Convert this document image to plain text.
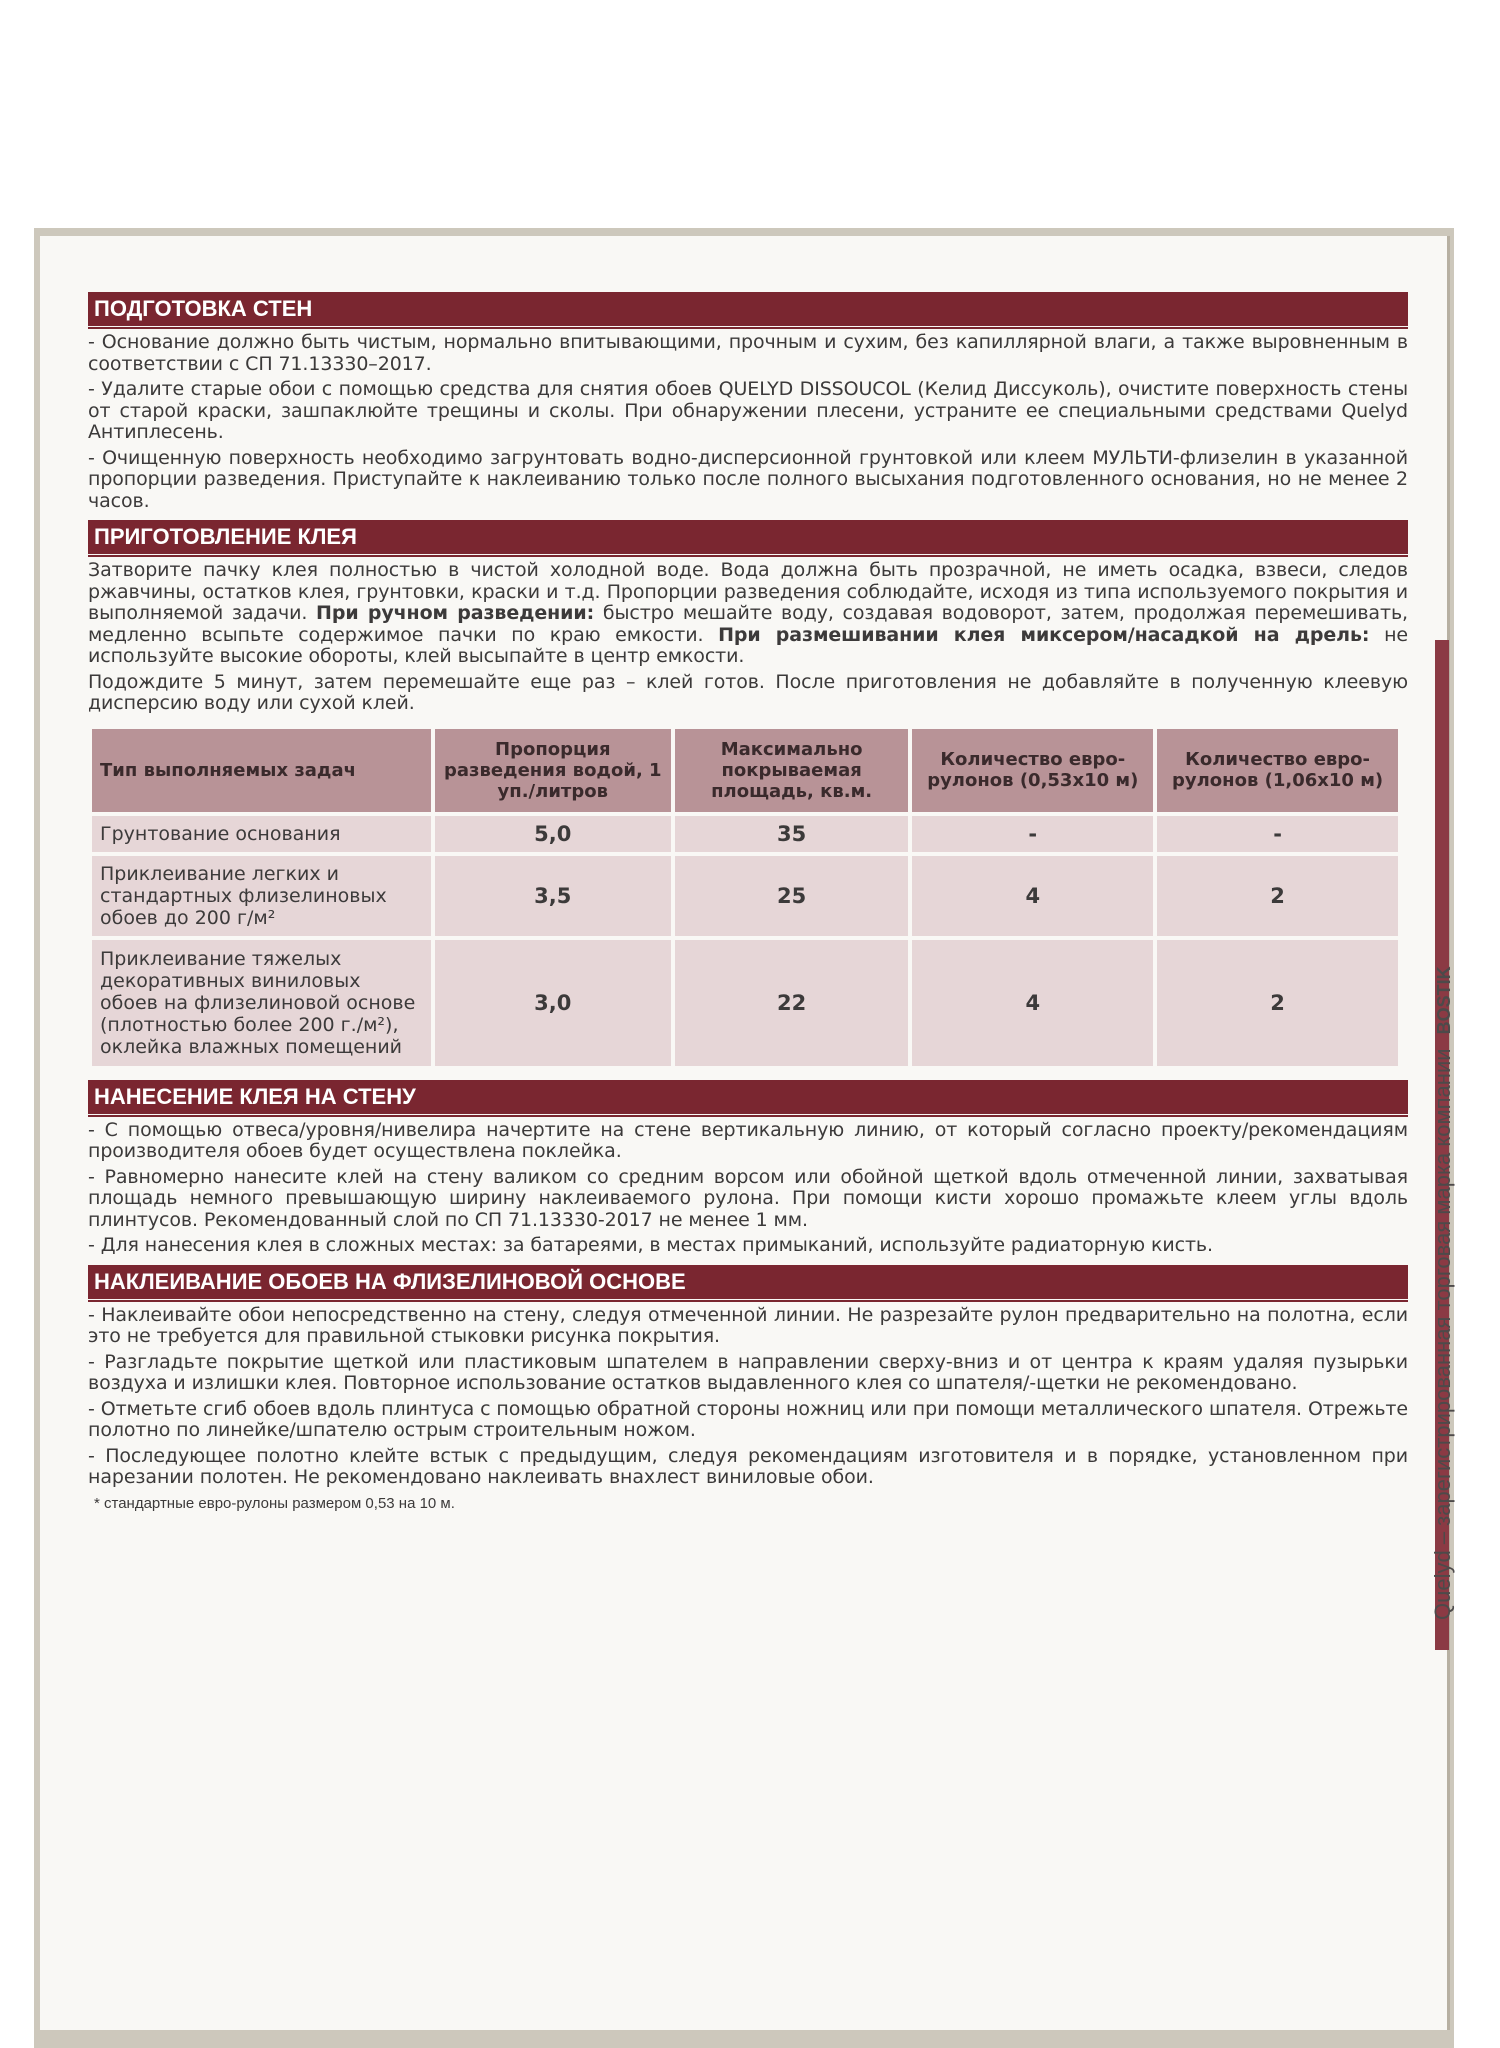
ПОДГОТОВКА СТЕН

- Основание должно быть чистым, нормально впитывающими, прочным и сухим, без капиллярной влаги, а также выровненным в соответствии с СП 71.13330–2017.

- Удалите старые обои с помощью средства для снятия обоев QUELYD DISSOUCOL (Келид Диссуколь), очистите поверхность стены от старой краски, зашпаклюйте трещины и сколы. При обнаружении плесени, устраните ее специальными средствами Quelyd Антиплесень.

- Очищенную поверхность необходимо загрунтовать водно-дисперсионной грунтовкой или клеем МУЛЬТИ-флизелин в указанной пропорции разведения. Приступайте к наклеиванию только после полного высыхания подготовленного основания, но не менее 2 часов.

ПРИГОТОВЛЕНИЕ КЛЕЯ

Затворите пачку клея полностью в чистой холодной воде. Вода должна быть прозрачной, не иметь осадка, взвеси, следов ржавчины, остатков клея, грунтовки, краски и т.д. Пропорции разведения соблюдайте, исходя из типа используемого покрытия и выполняемой задачи. При ручном разведении: быстро мешайте воду, создавая водоворот, затем, продолжая перемешивать, медленно всыпьте содержимое пачки по краю емкости. При размешивании клея миксером/насадкой на дрель: не используйте высокие обороты, клей высыпайте в центр емкости.

Подождите 5 минут, затем перемешайте еще раз – клей готов. После приготовления не добавляйте в полученную клеевую дисперсию воду или сухой клей.

Тип выполняемых задач	Пропорция разведения водой, 1 уп./литров	Максимально покрываемая площадь, кв.м.	Количество евро-рулонов (0,53х10 м)	Количество евро-рулонов (1,06х10 м)
Грунтование основания	5,0	35	-	-
Приклеивание легких и стандартных флизелиновых обоев до 200 г/м²	3,5	25	4	2
Приклеивание тяжелых декоративных виниловых обоев на флизелиновой основе (плотностью более 200 г./м²), оклейка влажных помещений	3,0	22	4	2
НАНЕСЕНИЕ КЛЕЯ НА СТЕНУ

- С помощью отвеса/уровня/нивелира начертите на стене вертикальную линию, от который согласно проекту/рекомендациям производителя обоев будет осуществлена поклейка.

- Равномерно нанесите клей на стену валиком со средним ворсом или обойной щеткой вдоль отмеченной линии, захватывая площадь немного превышающую ширину наклеиваемого рулона. При помощи кисти хорошо промажьте клеем углы вдоль плинтусов. Рекомендованный слой по СП 71.13330-2017 не менее 1 мм.

- Для нанесения клея в сложных местах: за батареями, в местах примыканий, используйте радиаторную кисть.

НАКЛЕИВАНИЕ ОБОЕВ НА ФЛИЗЕЛИНОВОЙ ОСНОВЕ

- Наклеивайте обои непосредственно на стену, следуя отмеченной линии. Не разрезайте рулон предварительно на полотна, если это не требуется для правильной стыковки рисунка покрытия.

- Разгладьте покрытие щеткой или пластиковым шпателем в направлении сверху-вниз и от центра к краям удаляя пузырьки воздуха и излишки клея. Повторное использование остатков выдавленного клея со шпателя/-щетки не рекомендовано.

- Отметьте сгиб обоев вдоль плинтуса с помощью обратной стороны ножниц или при помощи металлического шпателя. Отрежьте полотно по линейке/шпателю острым строительным ножом.

- Последующее полотно клейте встык с предыдущим, следуя рекомендациям изготовителя и в порядке, установленном при нарезании полотен. Не рекомендовано наклеивать внахлест виниловые обои.

* стандартные евро-рулоны размером 0,53 на 10 м.	Quelyd – зарегистрированная торговая марка компании BOSTIK
